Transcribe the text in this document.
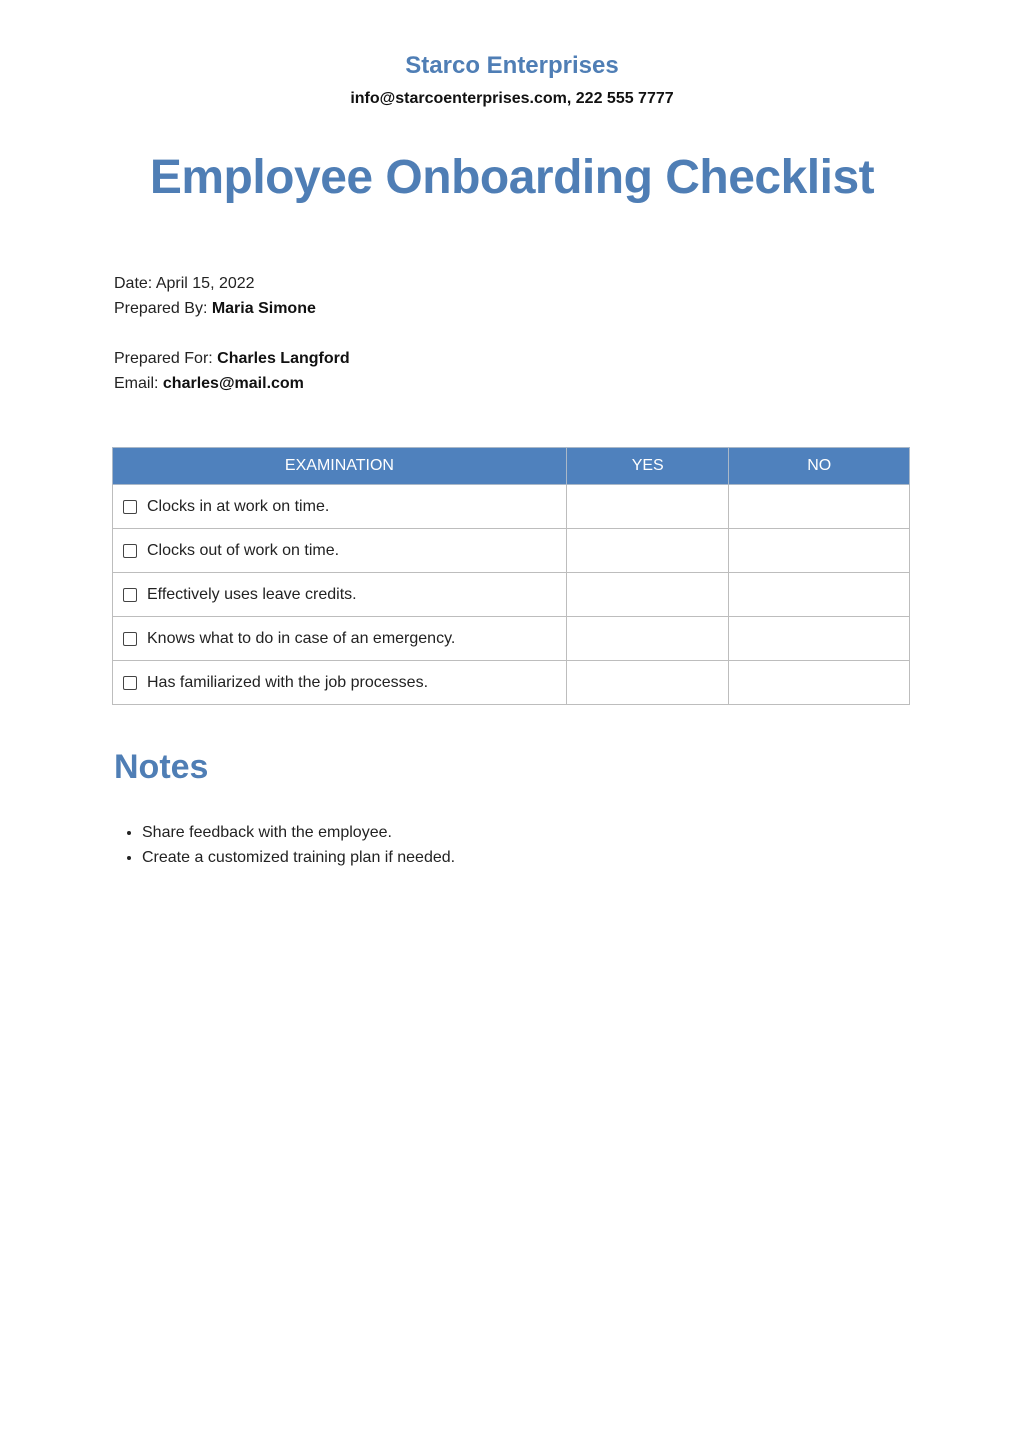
Starco Enterprises
info@starcoenterprises.com, 222 555 7777
Employee Onboarding Checklist
Date: April 15, 2022
Prepared By: Maria Simone
Prepared For: Charles Langford
Email: charles@mail.com
EXAMINATION	YES	NO

Clocks in at work on time.		

Clocks out of work on time.		

Effectively uses leave credits.		

Knows what to do in case of an emergency.		

Has familiarized with the job processes.		

Notes
• Share feedback with the employee.
• Create a customized training plan if needed.
